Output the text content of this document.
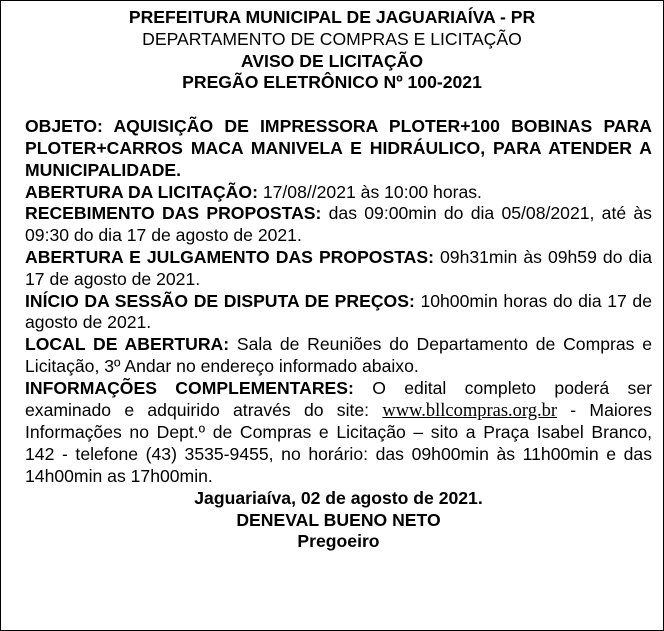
PREFEITURA MUNICIPAL DE JAGUARIAÍVA - PR
DEPARTAMENTO DE COMPRAS E LICITAÇÃO
AVISO DE LICITAÇÃO
PREGÃO ELETRÔNICO Nº 100-2021

OBJETO: AQUISIÇÃO DE IMPRESSORA PLOTER+100 BOBINAS PARA PLOTER+CARROS MACA MANIVELA E HIDRÁULICO, PARA ATENDER A MUNICIPALIDADE.

ABERTURA DA LICITAÇÃO: 17/08//2021 às 10:00 horas.

RECEBIMENTO DAS PROPOSTAS: das 09:00min do dia 05/08/2021, até às 09:30 do dia 17 de agosto de 2021.

ABERTURA E JULGAMENTO DAS PROPOSTAS: 09h31min às 09h59 do dia 17 de agosto de 2021.

INÍCIO DA SESSÃO DE DISPUTA DE PREÇOS: 10h00min horas do dia 17 de agosto de 2021.

LOCAL DE ABERTURA: Sala de Reuniões do Departamento de Compras e Licitação, 3º Andar no endereço informado abaixo.

INFORMAÇÕES COMPLEMENTARES: O edital completo poderá ser examinado e adquirido através do site: www.bllcompras.org.br - Maiores Informações no Dept.º de Compras e Licitação – sito a Praça Isabel Branco, 142 - telefone (43) 3535-9455, no horário: das 09h00min às 11h00min e das 14h00min as 17h00min.

Jaguariaíva, 02 de agosto de 2021.

DENEVAL BUENO NETO

Pregoeiro
